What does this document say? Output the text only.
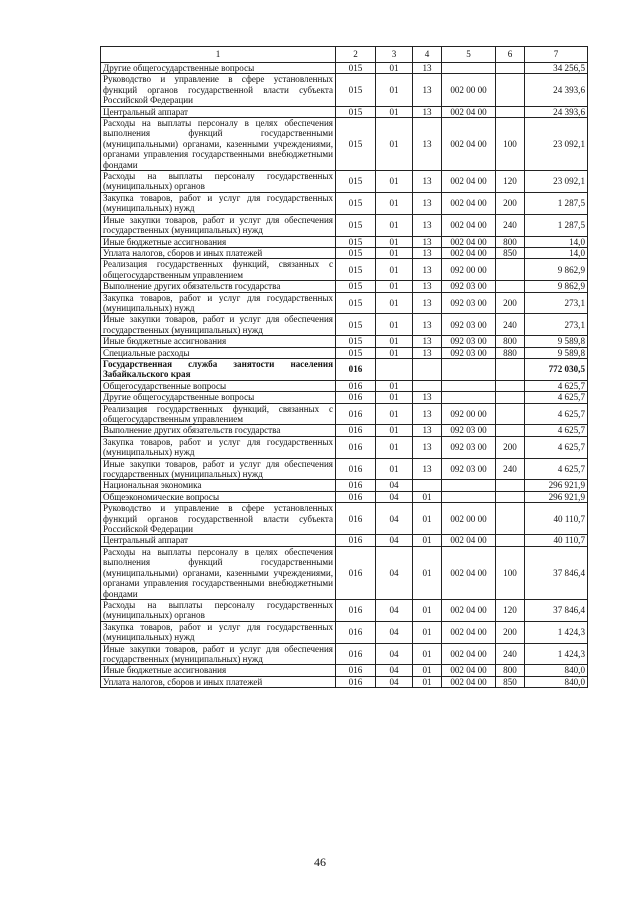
1	2	3	4	5	6	7
Другие общегосударственные вопросы	015	01	13			34 256,5
Руководство и управление в сфере установленных функций органов государственной власти субъекта Российской Федерации	015	01	13	002 00 00		24 393,6
Центральный аппарат	015	01	13	002 04 00		24 393,6
Расходы на выплаты персоналу в целях обеспечения выполнения функций государственными (муниципальными) органами, казенными учреждениями, органами управления государственными внебюджетными фондами	015	01	13	002 04 00	100	23 092,1
Расходы на выплаты персоналу государственных (муниципальных) органов	015	01	13	002 04 00	120	23 092,1
Закупка товаров, работ и услуг для государственных (муниципальных) нужд	015	01	13	002 04 00	200	1 287,5
Иные закупки товаров, работ и услуг для обеспечения государственных (муниципальных) нужд	015	01	13	002 04 00	240	1 287,5
Иные бюджетные ассигнования	015	01	13	002 04 00	800	14,0
Уплата налогов, сборов и иных платежей	015	01	13	002 04 00	850	14,0
Реализация государственных функций, связанных с общегосударственным управлением	015	01	13	092 00 00		9 862,9
Выполнение других обязательств государства	015	01	13	092 03 00		9 862,9
Закупка товаров, работ и услуг для государственных (муниципальных) нужд	015	01	13	092 03 00	200	273,1
Иные закупки товаров, работ и услуг для обеспечения государственных (муниципальных) нужд	015	01	13	092 03 00	240	273,1
Иные бюджетные ассигнования	015	01	13	092 03 00	800	9 589,8
Специальные расходы	015	01	13	092 03 00	880	9 589,8
Государственная служба занятости населения Забайкальского края	016					772 030,5
Общегосударственные вопросы	016	01				4 625,7
Другие общегосударственные вопросы	016	01	13			4 625,7
Реализация государственных функций, связанных с общегосударственным управлением	016	01	13	092 00 00		4 625,7
Выполнение других обязательств государства	016	01	13	092 03 00		4 625,7
Закупка товаров, работ и услуг для государственных (муниципальных) нужд	016	01	13	092 03 00	200	4 625,7
Иные закупки товаров, работ и услуг для обеспечения государственных (муниципальных) нужд	016	01	13	092 03 00	240	4 625,7
Национальная экономика	016	04				296 921,9
Общеэкономические вопросы	016	04	01			296 921,9
Руководство и управление в сфере установленных функций органов государственной власти субъекта Российской Федерации	016	04	01	002 00 00		40 110,7
Центральный аппарат	016	04	01	002 04 00		40 110,7
Расходы на выплаты персоналу в целях обеспечения выполнения функций государственными (муниципальными) органами, казенными учреждениями, органами управления государственными внебюджетными фондами	016	04	01	002 04 00	100	37 846,4
Расходы на выплаты персоналу государственных (муниципальных) органов	016	04	01	002 04 00	120	37 846,4
Закупка товаров, работ и услуг для государственных (муниципальных) нужд	016	04	01	002 04 00	200	1 424,3
Иные закупки товаров, работ и услуг для обеспечения государственных (муниципальных) нужд	016	04	01	002 04 00	240	1 424,3
Иные бюджетные ассигнования	016	04	01	002 04 00	800	840,0
Уплата налогов, сборов и иных платежей	016	04	01	002 04 00	850	840,0
46
